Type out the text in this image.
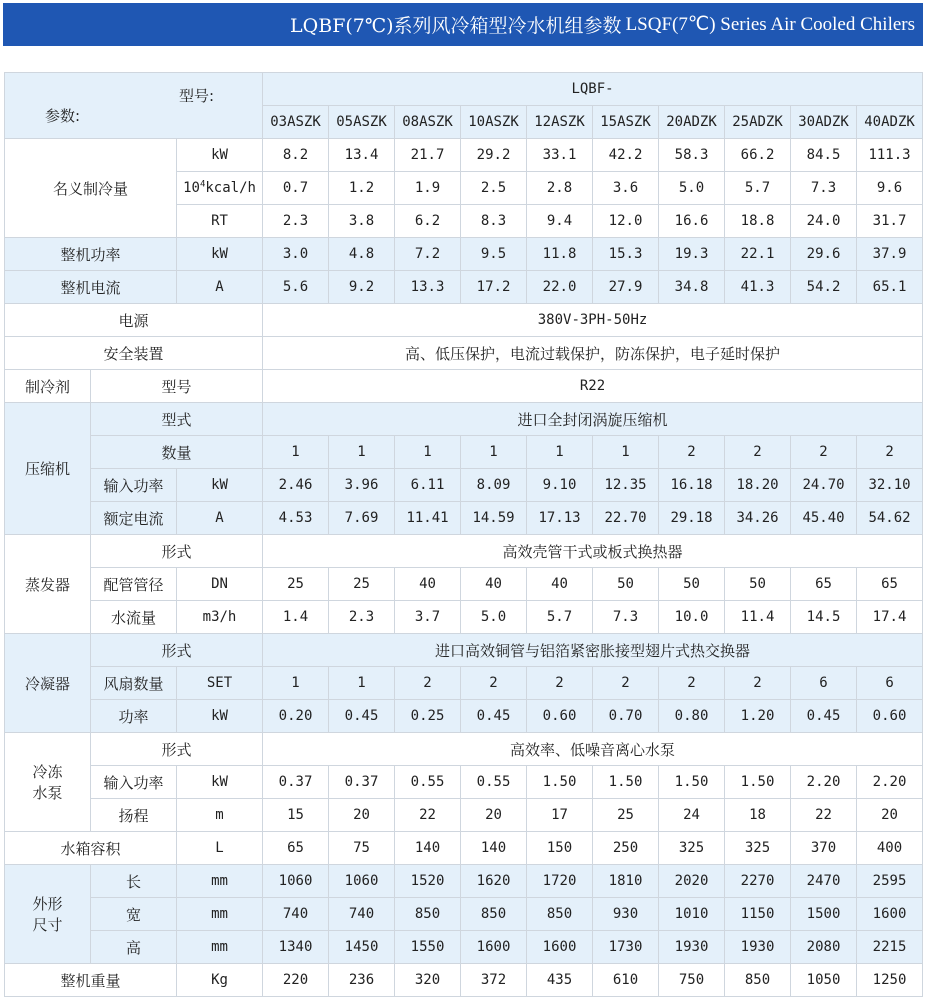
LQBF(7℃)系列风冷箱型冷水机组参数 LSQF(7℃) Series Air Cooled Chilers
型号:
参数:			LQBF-									
			03ASZK	05ASZK	08ASZK	10ASZK	12ASZK	15ASZK	20ADZK	25ADZK	30ADZK	40ADZK
名义制冷量		kW	8.2	13.4	21.7	29.2	33.1	42.2	58.3	66.2	84.5	111.3
		$10^4kcal/h$	0.7	1.2	1.9	2.5	2.8	3.6	5.0	5.7	7.3	9.6
		RT	2.3	3.8	6.2	8.3	9.4	12.0	16.6	18.8	24.0	31.7
整机功率		kW	3.0	4.8	7.2	9.5	11.8	15.3	19.3	22.1	29.6	37.9
整机电流		A	5.6	9.2	13.3	17.2	22.0	27.9	34.8	41.3	54.2	65.1
电源			380V-3PH-50Hz									
安全装置			高、低压保护，电流过载保护，防冻保护，电子延时保护									
制冷剂	型号		R22									
压缩机	型式		进口全封闭涡旋压缩机									
	数量		1	1	1	1	1	1	2	2	2	2
	输入功率	kW	2.46	3.96	6.11	8.09	9.10	12.35	16.18	18.20	24.70	32.10
	额定电流	A	4.53	7.69	11.41	14.59	17.13	22.70	29.18	34.26	45.40	54.62
蒸发器	形式		高效壳管干式或板式换热器									
	配管管径	DN	25	25	40	40	40	50	50	50	65	65
	水流量	m3/h	1.4	2.3	3.7	5.0	5.7	7.3	10.0	11.4	14.5	17.4
冷凝器	形式		进口高效铜管与铝箔紧密胀接型翅片式热交换器									
	风扇数量	SET	1	1	2	2	2	2	2	2	6	6
	功率	kW	0.20	0.45	0.25	0.45	0.60	0.70	0.80	1.20	0.45	0.60
冷冻
水泵	形式		高效率、低噪音离心水泵									
	输入功率	kW	0.37	0.37	0.55	0.55	1.50	1.50	1.50	1.50	2.20	2.20
	扬程	m	15	20	22	20	17	25	24	18	22	20
水箱容积		L	65	75	140	140	150	250	325	325	370	400
外形
尺寸	长	mm	1060	1060	1520	1620	1720	1810	2020	2270	2470	2595
	宽	mm	740	740	850	850	850	930	1010	1150	1500	1600
	高	mm	1340	1450	1550	1600	1600	1730	1930	1930	2080	2215
整机重量		Kg	220	236	320	372	435	610	750	850	1050	1250
